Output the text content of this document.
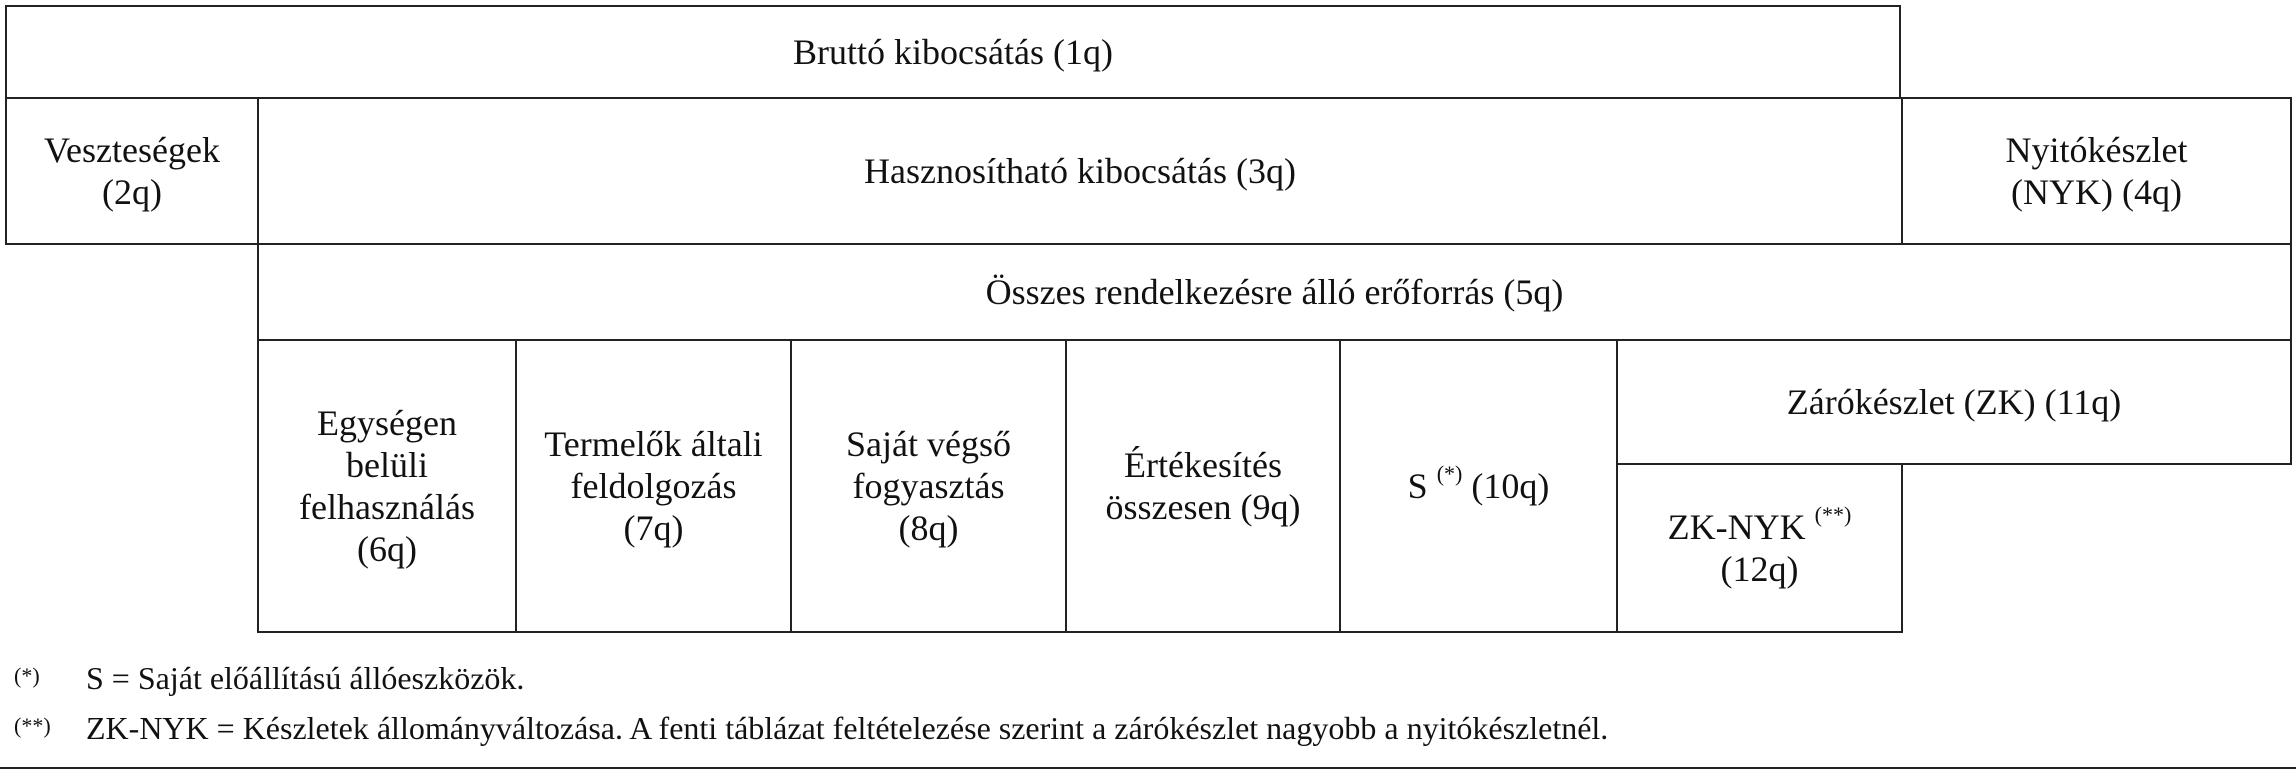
Bruttó kibocsátás (1q)
Veszteségek (2q)
Hasznosítható kibocsátás (3q)
Nyitókészlet (NYK) (4q)
Összes rendelkezésre álló erőforrás (5q)
Egységen belüli felhasználás (6q)
Termelők általi feldolgozás (7q)
Saját végső fogyasztás (8q)
Értékesítés összesen (9q)
S (*) (10q)
Zárókészlet (ZK) (11q)
ZK-NYK (**) (12q)
(*) S = Saját előállítású állóeszközök.
(**) ZK-NYK = Készletek állományváltozása. A fenti táblázat feltételezése szerint a zárókészlet nagyobb a nyitókészletnél.
